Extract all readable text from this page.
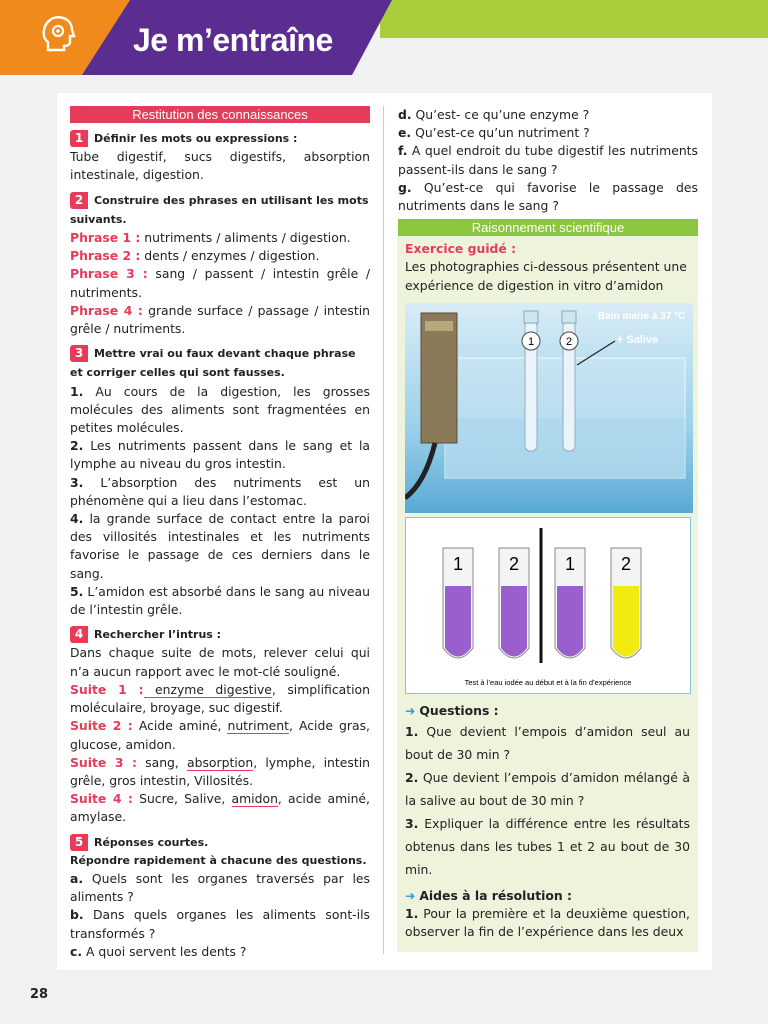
Je m’entraîne
Restitution des connaissances
1 Définir les mots ou expressions :
Tube digestif, sucs digestifs, absorption intestinale, digestion.
2 Construire des phrases en utilisant les mots suivants.
Phrase 1 : nutriments / aliments / digestion.
Phrase 2 : dents / enzymes / digestion.
Phrase 3 : sang / passent / intestin grêle / nutriments.
Phrase 4 : grande surface / passage / intestin grêle / nutriments.
3 Mettre vrai ou faux devant chaque phrase et corriger celles qui sont fausses.
1. Au cours de la digestion, les grosses molécules des aliments sont fragmentées en petites molécules.
2. Les nutriments passent dans le sang et la lymphe au niveau du gros intestin.
3. L’absorption des nutriments est un phénomène qui a lieu dans l’estomac.
4. la grande surface de contact entre la paroi des villosités intestinales et les nutriments favorise le passage de ces derniers dans le sang.
5. L’amidon est absorbé dans le sang au niveau de l’intestin grêle.
4 Rechercher l’intrus :
Dans chaque suite de mots, relever celui qui n’a aucun rapport avec le mot-clé souligné.
Suite 1 : enzyme digestive, simplification moléculaire, broyage, suc digestif.
Suite 2 : Acide aminé, nutriment, Acide gras, glucose, amidon.
Suite 3 : sang, absorption, lymphe, intestin grêle, gros intestin, Villosités.
Suite 4 : Sucre, Salive, amidon, acide aminé, amylase.
5 Réponses courtes.
Répondre rapidement à chacune des questions.
a. Quels sont les organes traversés par les aliments ?
b. Dans quels organes les aliments sont-ils transformés ?
c. A quoi servent les dents ?
d. Qu’est- ce qu’une enzyme ?
e. Qu’est-ce qu’un nutriment ?
f. A quel endroit du tube digestif les nutriments passent-ils dans le sang ?
g. Qu’est-ce qui favorise le passage des nutriments dans le sang ?
Raisonnement scientifique
Exercice guidé :
Les photographies ci-dessous présentent une expérience de digestion in vitro d’amidon
1	2
Bain marie à 37 °C
+ Salive
Test à l’eau iodée au début et à la fin d’expérience
1	2	1	2
➜ Questions :
1. Que devient l’empois d’amidon seul au bout de 30 min ?
2. Que devient l’empois d’amidon mélangé à la salive au bout de 30 min ?
3. Expliquer la différence entre les résultats obtenus dans les tubes 1 et 2 au bout de 30 min.
➜ Aides à la résolution :
1. Pour la première et la deuxième question, observer la fin de l’expérience dans les deux
28
